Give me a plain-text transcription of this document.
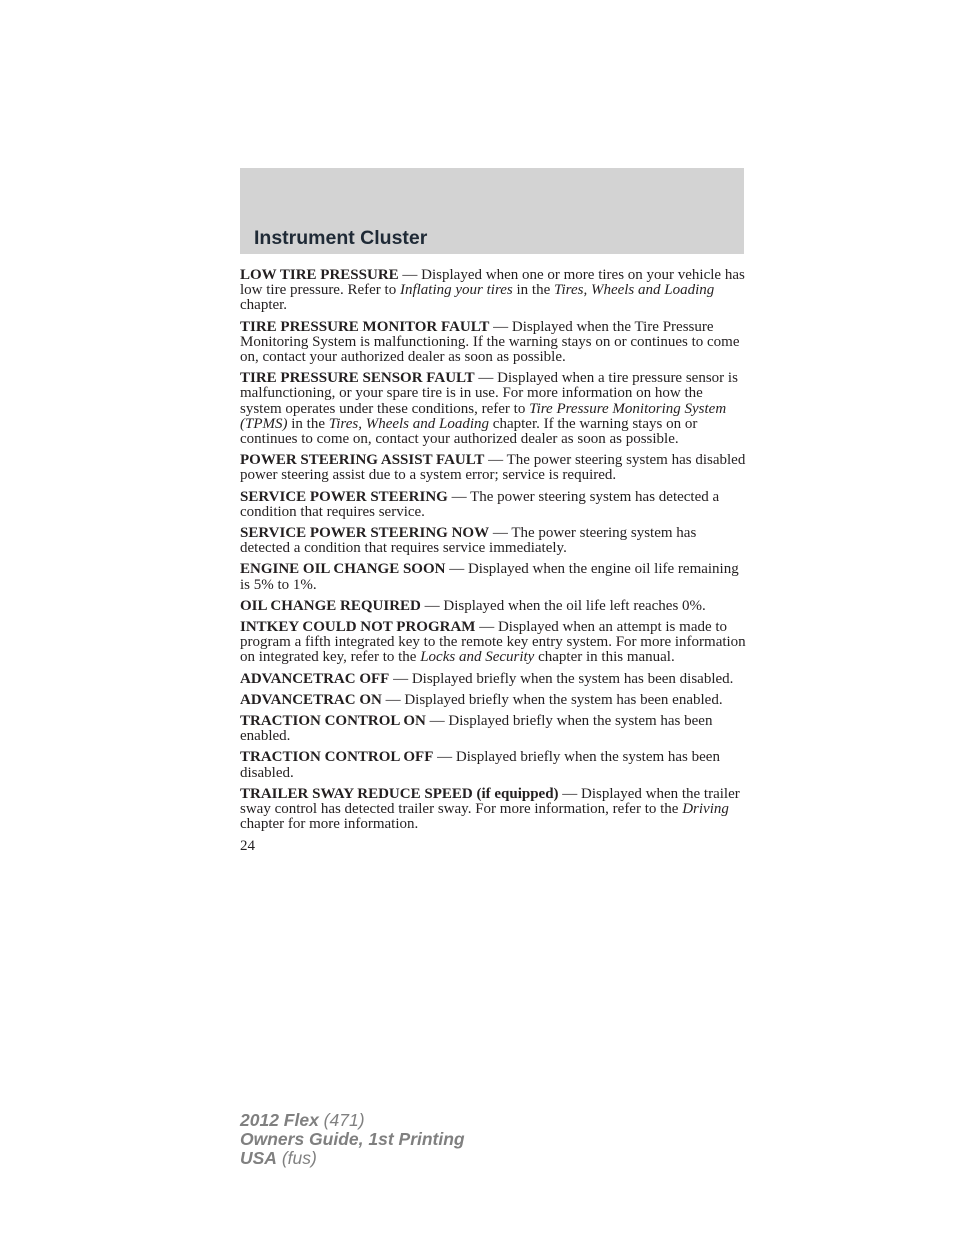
Instrument Cluster

LOW TIRE PRESSURE — Displayed when one or more tires on your vehicle has low tire pressure. Refer to Inflating your tires in the Tires, Wheels and Loading chapter.

TIRE PRESSURE MONITOR FAULT — Displayed when the Tire Pressure Monitoring System is malfunctioning. If the warning stays on or continues to come on, contact your authorized dealer as soon as possible.

TIRE PRESSURE SENSOR FAULT — Displayed when a tire pressure sensor is malfunctioning, or your spare tire is in use. For more information on how the system operates under these conditions, refer to Tire Pressure Monitoring System (TPMS) in the Tires, Wheels and Loading chapter. If the warning stays on or continues to come on, contact your authorized dealer as soon as possible.

POWER STEERING ASSIST FAULT — The power steering system has disabled power steering assist due to a system error; service is required.

SERVICE POWER STEERING — The power steering system has detected a condition that requires service.

SERVICE POWER STEERING NOW — The power steering system has detected a condition that requires service immediately.

ENGINE OIL CHANGE SOON — Displayed when the engine oil life remaining is 5% to 1%.

OIL CHANGE REQUIRED — Displayed when the oil life left reaches 0%.

INTKEY COULD NOT PROGRAM — Displayed when an attempt is made to program a fifth integrated key to the remote key entry system. For more information on integrated key, refer to the Locks and Security chapter in this manual.

ADVANCETRAC OFF — Displayed briefly when the system has been disabled.

ADVANCETRAC ON — Displayed briefly when the system has been enabled.

TRACTION CONTROL ON — Displayed briefly when the system has been enabled.

TRACTION CONTROL OFF — Displayed briefly when the system has been disabled.

TRAILER SWAY REDUCE SPEED (if equipped) — Displayed when the trailer sway control has detected trailer sway. For more information, refer to the Driving chapter for more information.

24
2012 Flex (471)
Owners Guide, 1st Printing
USA (fus)
